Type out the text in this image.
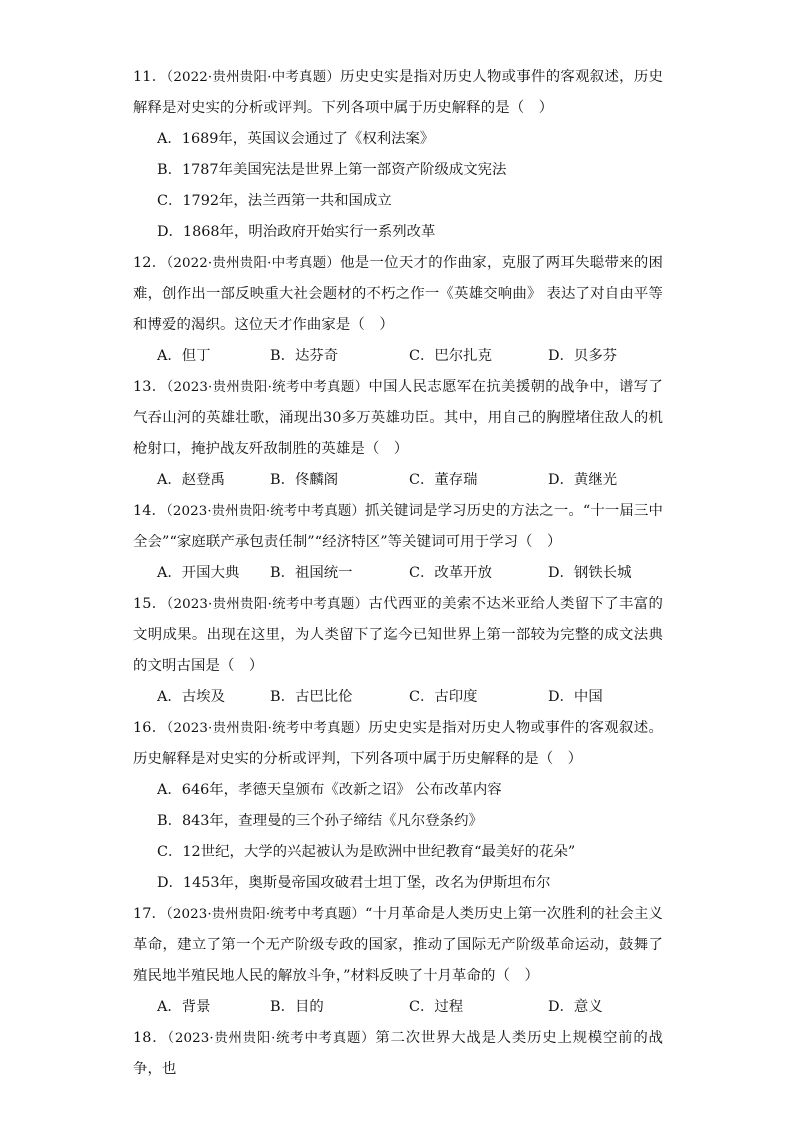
11．（2022·贵州贵阳·中考真题）历史史实是指对历史人物或事件的客观叙述，历史解释是对史实的分析或评判。下列各项中属于历史解释的是（　）
A．1689年，英国议会通过了《权利法案》
B．1787年美国宪法是世界上第一部资产阶级成文宪法
C．1792年，法兰西第一共和国成立
D．1868年，明治政府开始实行一系列改革
12．（2022·贵州贵阳·中考真题）他是一位天才的作曲家，克服了两耳失聪带来的困难，创作出一部反映重大社会题材的不朽之作一《英雄交响曲》 表达了对自由平等和博爱的渴织。这位天才作曲家是（　）
A．但丁	B．达芬奇	C．巴尔扎克	D．贝多芬
13．（2023·贵州贵阳·统考中考真题）中国人民志愿军在抗美援朝的战争中，谱写了气吞山河的英雄壮歌，涌现出30多万英雄功臣。其中，用自己的胸膛堵住敌人的机枪射口，掩护战友歼敌制胜的英雄是（　）
A．赵登禹	B．佟麟阁	C．董存瑞	D．黄继光
14．（2023·贵州贵阳·统考中考真题）抓关键词是学习历史的方法之一。“十一届三中全会”“家庭联产承包责任制”“经济特区”等关键词可用于学习（　）
A．开国大典	B．祖国统一	C．改革开放	D．钢铁长城
15．（2023·贵州贵阳·统考中考真题）古代西亚的美索不达米亚给人类留下了丰富的文明成果。出现在这里，为人类留下了迄今已知世界上第一部较为完整的成文法典的文明古国是（　）
A．古埃及	B．古巴比伦	C．古印度	D．中国
16．（2023·贵州贵阳·统考中考真题）历史史实是指对历史人物或事件的客观叙述。历史解释是对史实的分析或评判，下列各项中属于历史解释的是（　）
A．646年，孝德天皇颁布《改新之诏》 公布改革内容
B．843年，查理曼的三个孙子缔结《凡尔登条约》
C．12世纪，大学的兴起被认为是欧洲中世纪教育“最美好的花朵”
D．1453年，奥斯曼帝国攻破君士坦丁堡，改名为伊斯坦布尔
17．（2023·贵州贵阳·统考中考真题）“十月革命是人类历史上第一次胜利的社会主义革命，建立了第一个无产阶级专政的国家，推动了国际无产阶级革命运动，鼓舞了殖民地半殖民地人民的解放斗争，”材料反映了十月革命的（　）
A．背景	B．目的	C．过程	D．意义
18．（2023·贵州贵阳·统考中考真题）第二次世界大战是人类历史上规模空前的战争，也
